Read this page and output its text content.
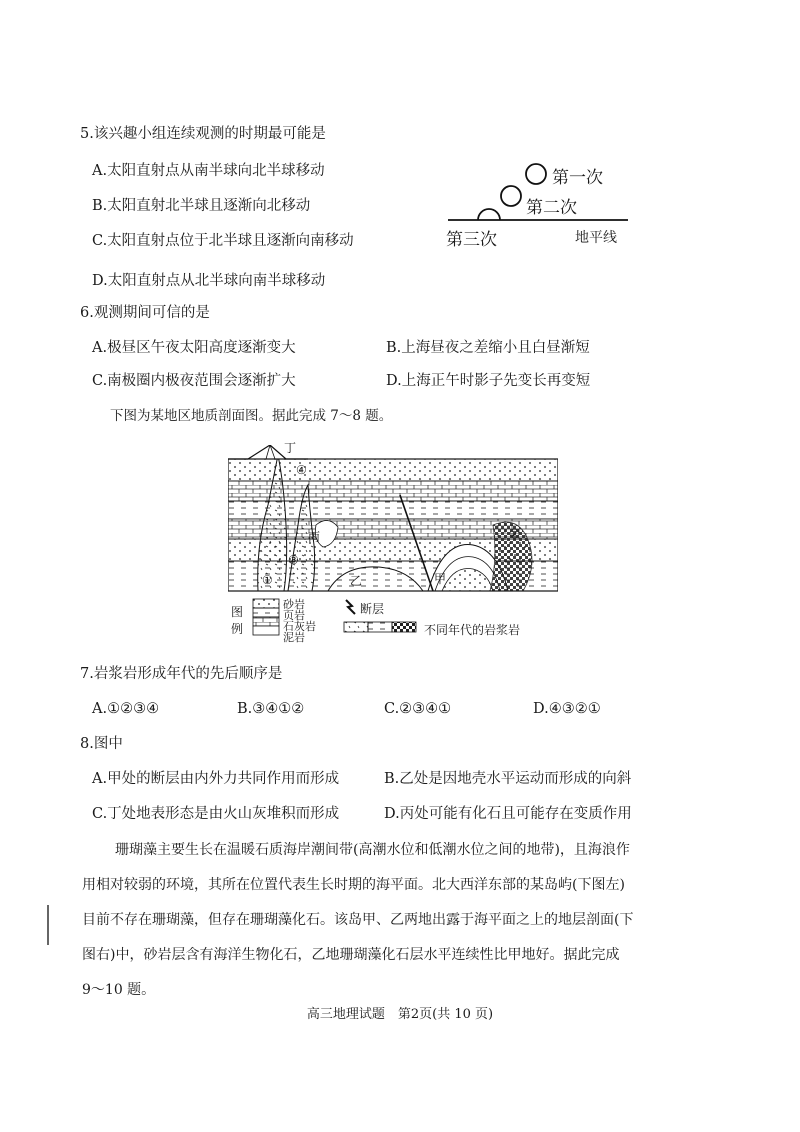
5.该兴趣小组连续观测的时期最可能是
A.太阳直射点从南半球向北半球移动
B.太阳直射北半球且逐渐向北移动
C.太阳直射点位于北半球且逐渐向南移动
D.太阳直射点从北半球向南半球移动
第一次
第二次
第三次	地平线
6.观测期间可信的是
A.极昼区午夜太阳高度逐渐变大	B.上海昼夜之差缩小且白昼渐短
C.南极圈内极夜范围会逐渐扩大	D.上海正午时影子先变长再变短
下图为某地区地质剖面图。据此完成 7～8 题。
丁
④
丙
③
①	乙	甲
②
图
例
砂岩
页岩
石灰岩
泥岩
断层
不同年代的岩浆岩
7.岩浆岩形成年代的先后顺序是
A.①②③④	B.③④①②	C.②③④①	D.④③②①
8.图中
A.甲处的断层由内外力共同作用而形成	B.乙处是因地壳水平运动而形成的向斜
C.丁处地表形态是由火山灰堆积而形成	D.丙处可能有化石且可能存在变质作用
珊瑚藻主要生长在温暖石质海岸潮间带(高潮水位和低潮水位之间的地带)，且海浪作
用相对较弱的环境，其所在位置代表生长时期的海平面。北大西洋东部的某岛屿(下图左)
目前不存在珊瑚藻，但存在珊瑚藻化石。该岛甲、乙两地出露于海平面之上的地层剖面(下
图右)中，砂岩层含有海洋生物化石，乙地珊瑚藻化石层水平连续性比甲地好。据此完成
9～10 题。
高三地理试题　第2页(共 10 页)
